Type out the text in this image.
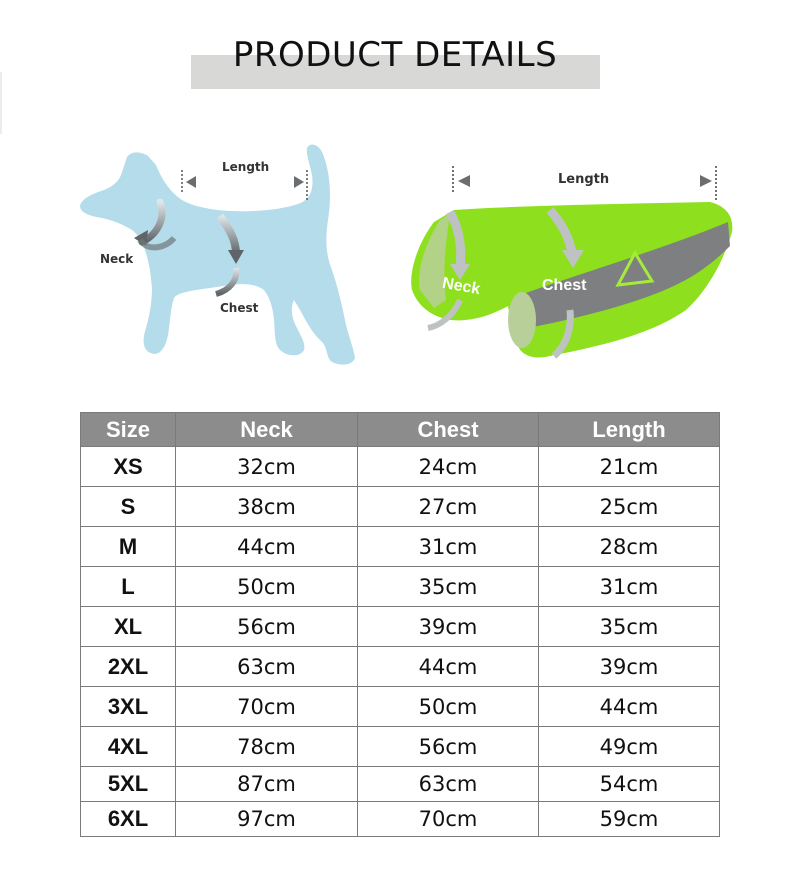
PRODUCT DETAILS
Length
Neck
Chest
Length
Neck	Chest
Size	Neck	Chest	Length
XS	32cm	24cm	21cm
S	38cm	27cm	25cm
M	44cm	31cm	28cm
L	50cm	35cm	31cm
XL	56cm	39cm	35cm
2XL	63cm	44cm	39cm
3XL	70cm	50cm	44cm
4XL	78cm	56cm	49cm
5XL	87cm	63cm	54cm
6XL	97cm	70cm	59cm
